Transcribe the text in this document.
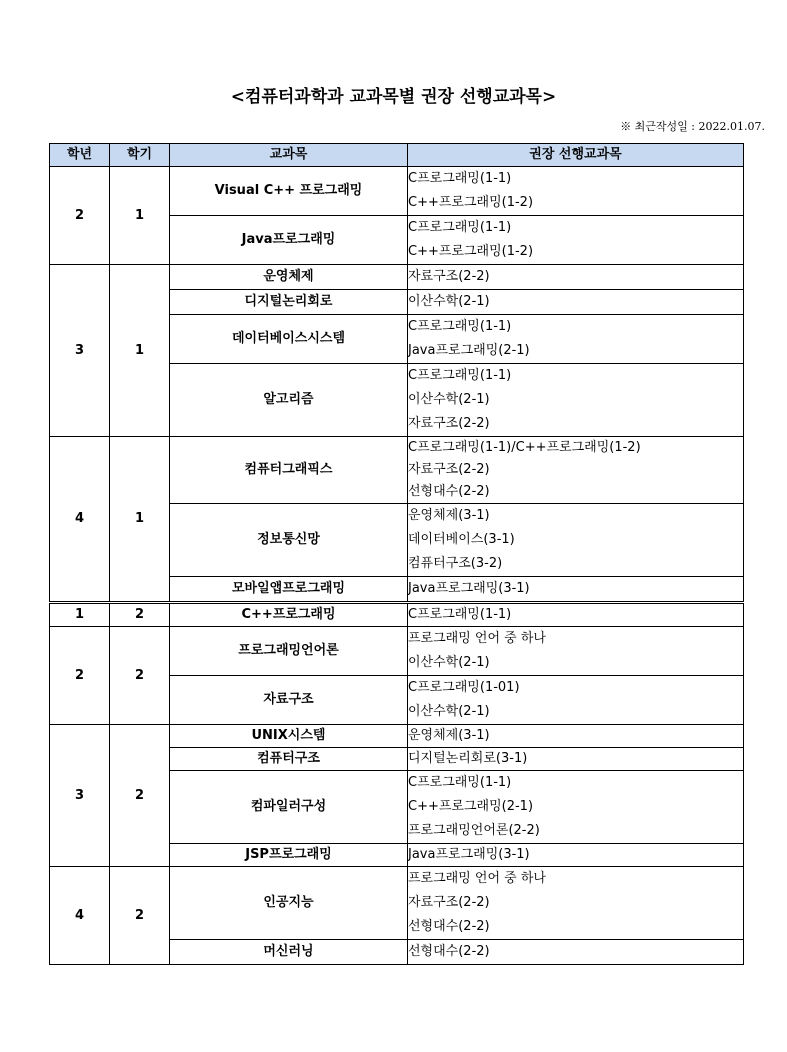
<컴퓨터과학과 교과목별 권장 선행교과목>
※ 최근작성일 : 2022.01.07.
학년	학기	교과목	권장 선행교과목
2	1	Visual C++ 프로그래밍	C프로그래밍(1-1)
C++프로그래밍(1-2)

		Java프로그래밍	C프로그래밍(1-1)
C++프로그래밍(1-2)

3	1	운영체제	자료구조(2-2)

		디지털논리회로	이산수학(2-1)

		데이터베이스시스템	C프로그래밍(1-1)
Java프로그래밍(2-1)

		알고리즘	C프로그래밍(1-1)
이산수학(2-1)
자료구조(2-2)

4	1	컴퓨터그래픽스	C프로그래밍(1-1)/C++프로그래밍(1-2)
자료구조(2-2)
선형대수(2-2)

		정보통신망	운영체제(3-1)
데이터베이스(3-1)
컴퓨터구조(3-2)

		모바일앱프로그래밍	Java프로그래밍(3-1)

1	2	C++프로그래밍	C프로그래밍(1-1)

2	2	프로그래밍언어론	프로그래밍 언어 중 하나
이산수학(2-1)

		자료구조	C프로그래밍(1-01)
이산수학(2-1)

3	2	UNIX시스템	운영체제(3-1)

		컴퓨터구조	디지털논리회로(3-1)

		컴파일러구성	C프로그래밍(1-1)
C++프로그래밍(2-1)
프로그래밍언어론(2-2)

		JSP프로그래밍	Java프로그래밍(3-1)

4	2	인공지능	프로그래밍 언어 중 하나
자료구조(2-2)
선형대수(2-2)

		머신러닝	선형대수(2-2)
